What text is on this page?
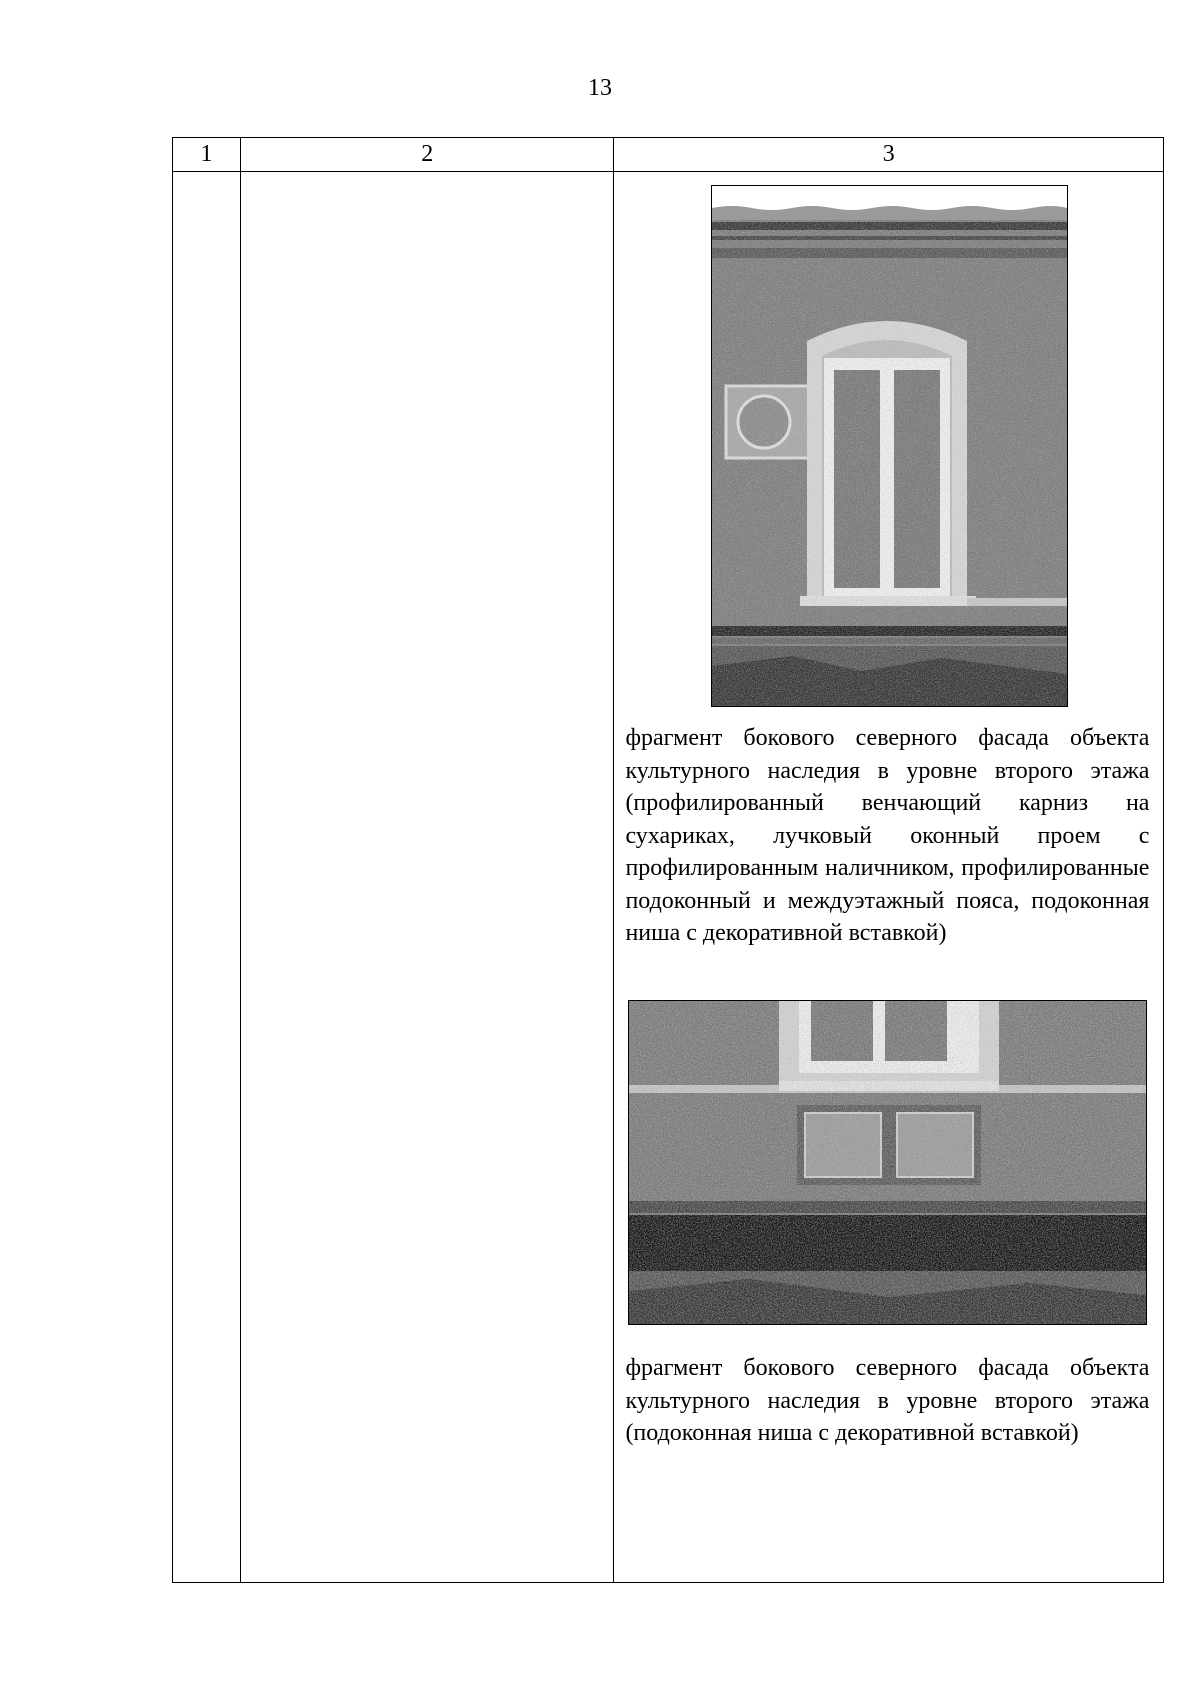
13
1	2	3

		фрагмент бокового северного фасада объекта культурного наследия в уровне второго этажа (профилированный венчающий карниз на сухариках, лучковый оконный проем с профилированным наличником, профилированные подоконный и междуэтажный пояса, подоконная ниша с декоративной вставкой)

фрагмент бокового северного фасада объекта культурного наследия в уровне второго этажа (подоконная ниша с декоративной вставкой)
